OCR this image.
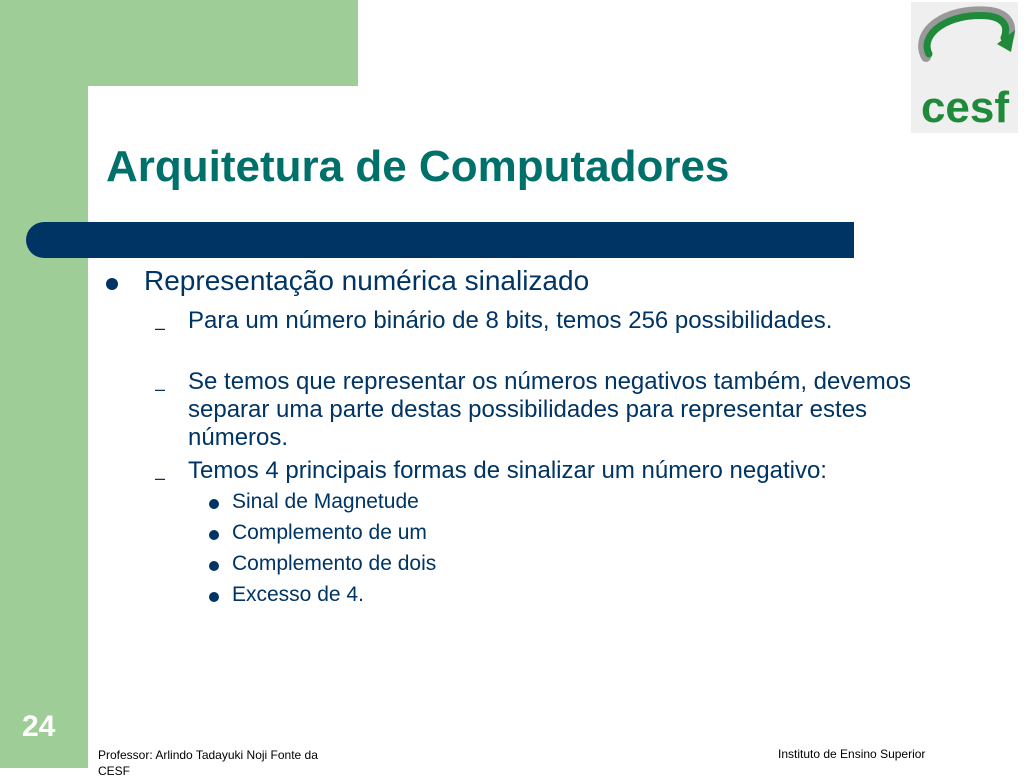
cesf
Arquitetura de Computadores
Representação numérica sinalizado
– Para um número binário de 8 bits, temos 256 possibilidades.
– Se temos que representar os números negativos também, devemos separar uma parte destas possibilidades para representar estes números.
– Temos 4 principais formas de sinalizar um número negativo:
Sinal de Magnetude
Complemento de um
Complemento de dois
Excesso de 4.
24
Professor: Arlindo Tadayuki Noji Fonte da CESF
Instituto de Ensino Superior
